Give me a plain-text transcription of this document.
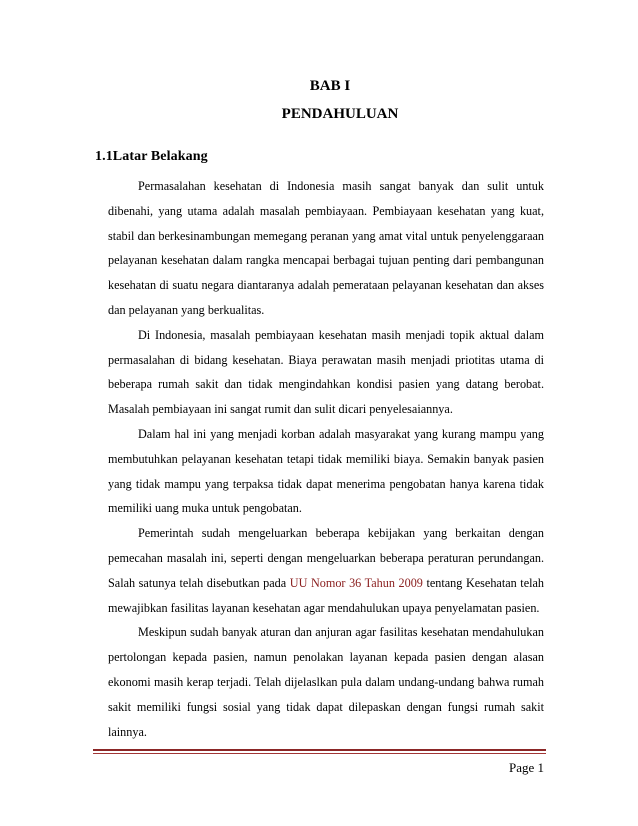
BAB I
PENDAHULUAN
1.1Latar Belakang

Permasalahan kesehatan di Indonesia masih sangat banyak dan sulit untuk dibenahi, yang utama adalah masalah pembiayaan. Pembiayaan kesehatan yang kuat, stabil dan berkesinambungan memegang peranan yang amat vital untuk penyelenggaraan pelayanan kesehatan dalam rangka mencapai berbagai tujuan penting dari pembangunan kesehatan di suatu negara diantaranya adalah pemerataan pelayanan kesehatan dan akses dan pelayanan yang berkualitas.

Di Indonesia, masalah pembiayaan kesehatan masih menjadi topik aktual dalam permasalahan di bidang kesehatan. Biaya perawatan masih menjadi priotitas utama di beberapa rumah sakit dan tidak mengindahkan kondisi pasien yang datang berobat. Masalah pembiayaan ini sangat rumit dan sulit dicari penyelesaiannya.

Dalam hal ini yang menjadi korban adalah masyarakat yang kurang mampu yang membutuhkan pelayanan kesehatan tetapi tidak memiliki biaya. Semakin banyak pasien yang tidak mampu yang terpaksa tidak dapat menerima pengobatan hanya karena tidak memiliki uang muka untuk pengobatan.

Pemerintah sudah mengeluarkan beberapa kebijakan yang berkaitan dengan pemecahan masalah ini, seperti dengan mengeluarkan beberapa peraturan perundangan. Salah satunya telah disebutkan pada UU Nomor 36 Tahun 2009 tentang Kesehatan telah mewajibkan fasilitas layanan kesehatan agar mendahulukan upaya penyelamatan pasien.

Meskipun sudah banyak aturan dan anjuran agar fasilitas kesehatan mendahulukan pertolongan kepada pasien, namun penolakan layanan kepada pasien dengan alasan ekonomi masih kerap terjadi. Telah dijelaslkan pula dalam undang-undang bahwa rumah sakit memiliki fungsi sosial yang tidak dapat dilepaskan dengan fungsi rumah sakit lainnya.

Page 1
